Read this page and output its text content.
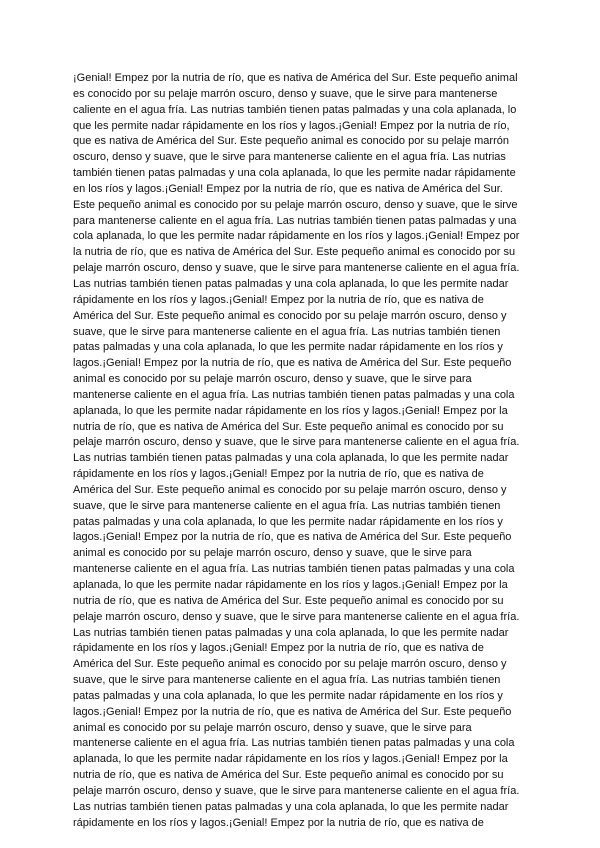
¡Genial! Empez por la nutria de río, que es nativa de América del Sur. Este pequeño animal
es conocido por su pelaje marrón oscuro, denso y suave, que le sirve para mantenerse
caliente en el agua fría. Las nutrias también tienen patas palmadas y una cola aplanada, lo
que les permite nadar rápidamente en los ríos y lagos.¡Genial! Empez por la nutria de río,
que es nativa de América del Sur. Este pequeño animal es conocido por su pelaje marrón
oscuro, denso y suave, que le sirve para mantenerse caliente en el agua fría. Las nutrias
también tienen patas palmadas y una cola aplanada, lo que les permite nadar rápidamente
en los ríos y lagos.¡Genial! Empez por la nutria de río, que es nativa de América del Sur.
Este pequeño animal es conocido por su pelaje marrón oscuro, denso y suave, que le sirve
para mantenerse caliente en el agua fría. Las nutrias también tienen patas palmadas y una
cola aplanada, lo que les permite nadar rápidamente en los ríos y lagos.¡Genial! Empez por
la nutria de río, que es nativa de América del Sur. Este pequeño animal es conocido por su
pelaje marrón oscuro, denso y suave, que le sirve para mantenerse caliente en el agua fría.
Las nutrias también tienen patas palmadas y una cola aplanada, lo que les permite nadar
rápidamente en los ríos y lagos.¡Genial! Empez por la nutria de río, que es nativa de
América del Sur. Este pequeño animal es conocido por su pelaje marrón oscuro, denso y
suave, que le sirve para mantenerse caliente en el agua fría. Las nutrias también tienen
patas palmadas y una cola aplanada, lo que les permite nadar rápidamente en los ríos y
lagos.¡Genial! Empez por la nutria de río, que es nativa de América del Sur. Este pequeño
animal es conocido por su pelaje marrón oscuro, denso y suave, que le sirve para
mantenerse caliente en el agua fría. Las nutrias también tienen patas palmadas y una cola
aplanada, lo que les permite nadar rápidamente en los ríos y lagos.¡Genial! Empez por la
nutria de río, que es nativa de América del Sur. Este pequeño animal es conocido por su
pelaje marrón oscuro, denso y suave, que le sirve para mantenerse caliente en el agua fría.
Las nutrias también tienen patas palmadas y una cola aplanada, lo que les permite nadar
rápidamente en los ríos y lagos.¡Genial! Empez por la nutria de río, que es nativa de
América del Sur. Este pequeño animal es conocido por su pelaje marrón oscuro, denso y
suave, que le sirve para mantenerse caliente en el agua fría. Las nutrias también tienen
patas palmadas y una cola aplanada, lo que les permite nadar rápidamente en los ríos y
lagos.¡Genial! Empez por la nutria de río, que es nativa de América del Sur. Este pequeño
animal es conocido por su pelaje marrón oscuro, denso y suave, que le sirve para
mantenerse caliente en el agua fría. Las nutrias también tienen patas palmadas y una cola
aplanada, lo que les permite nadar rápidamente en los ríos y lagos.¡Genial! Empez por la
nutria de río, que es nativa de América del Sur. Este pequeño animal es conocido por su
pelaje marrón oscuro, denso y suave, que le sirve para mantenerse caliente en el agua fría.
Las nutrias también tienen patas palmadas y una cola aplanada, lo que les permite nadar
rápidamente en los ríos y lagos.¡Genial! Empez por la nutria de río, que es nativa de
América del Sur. Este pequeño animal es conocido por su pelaje marrón oscuro, denso y
suave, que le sirve para mantenerse caliente en el agua fría. Las nutrias también tienen
patas palmadas y una cola aplanada, lo que les permite nadar rápidamente en los ríos y
lagos.¡Genial! Empez por la nutria de río, que es nativa de América del Sur. Este pequeño
animal es conocido por su pelaje marrón oscuro, denso y suave, que le sirve para
mantenerse caliente en el agua fría. Las nutrias también tienen patas palmadas y una cola
aplanada, lo que les permite nadar rápidamente en los ríos y lagos.¡Genial! Empez por la
nutria de río, que es nativa de América del Sur. Este pequeño animal es conocido por su
pelaje marrón oscuro, denso y suave, que le sirve para mantenerse caliente en el agua fría.
Las nutrias también tienen patas palmadas y una cola aplanada, lo que les permite nadar
rápidamente en los ríos y lagos.¡Genial! Empez por la nutria de río, que es nativa de
